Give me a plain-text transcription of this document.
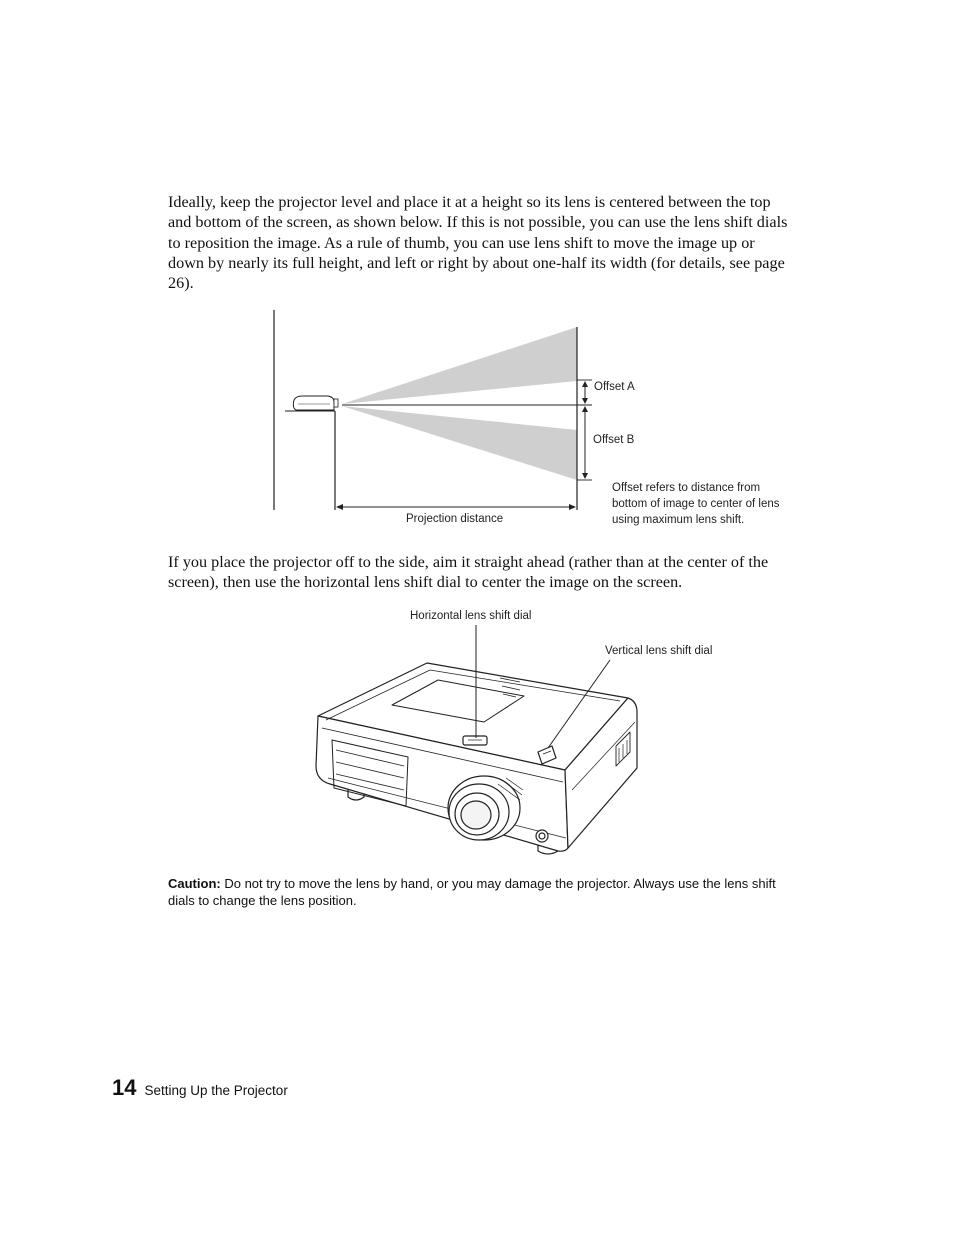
Ideally, keep the projector level and place it at a height so its lens is centered between the top and bottom of the screen, as shown below. If this is not possible, you can use the lens shift dials to reposition the image. As a rule of thumb, you can use lens shift to move the image up or down by nearly its full height, and left or right by about one-half its width (for details, see page 26).

Offset A
Offset B
Offset refers to distance from bottom of image to center of lens using maximum lens shift.
Projection distance

If you place the projector off to the side, aim it straight ahead (rather than at the center of the screen), then use the horizontal lens shift dial to center the image on the screen.

Horizontal lens shift dial
Vertical lens shift dial

Caution: Do not try to move the lens by hand, or you may damage the projector. Always use the lens shift dials to change the lens position.

14 Setting Up the Projector
